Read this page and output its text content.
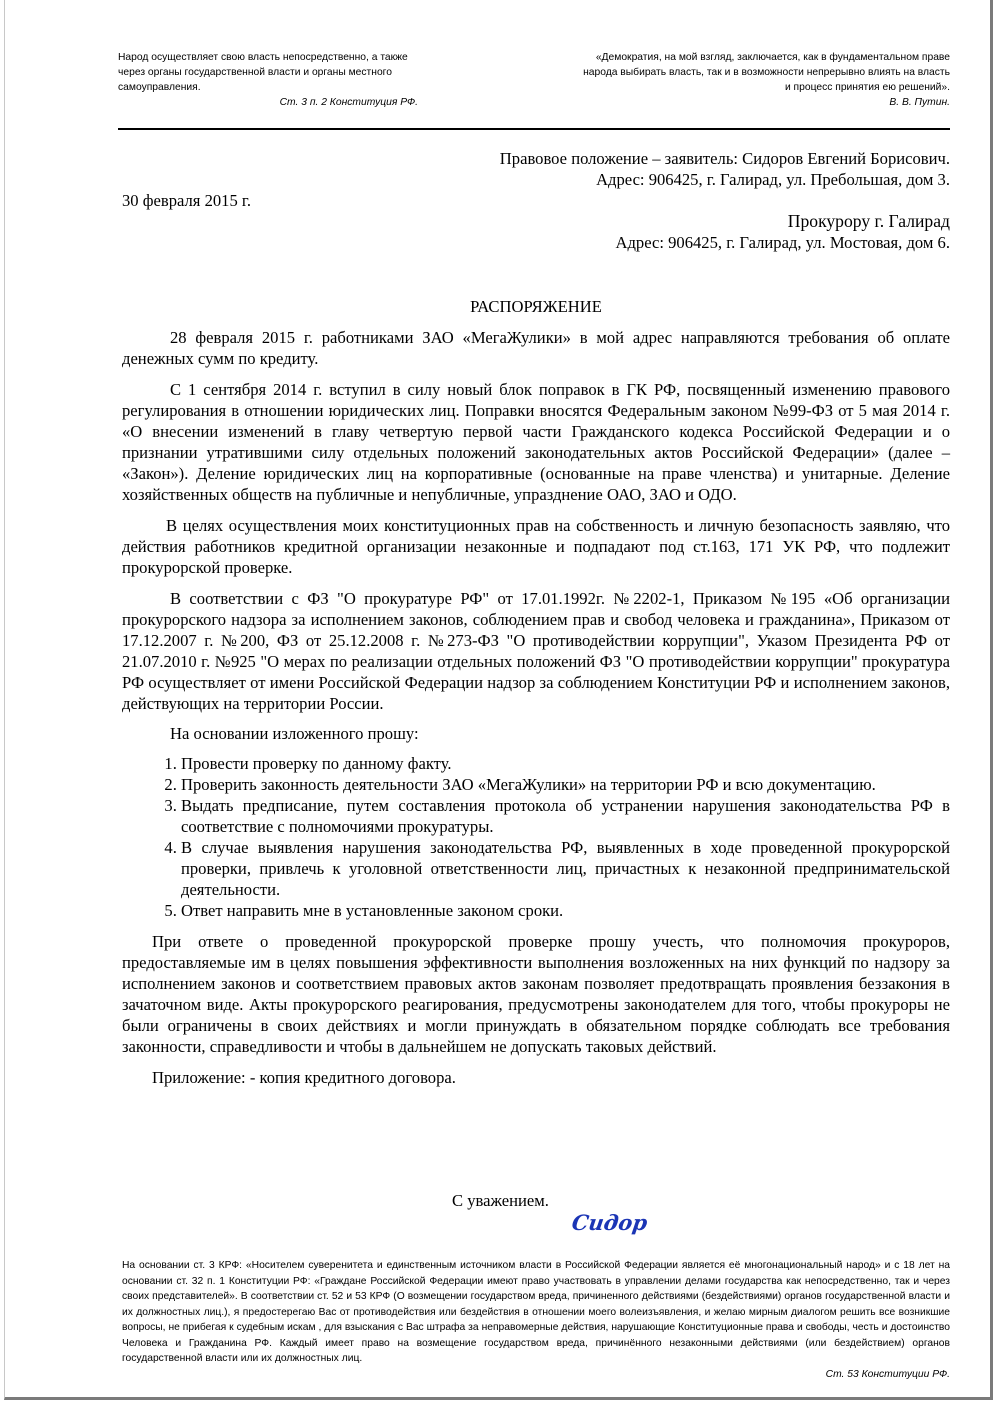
Народ осуществляет свою власть непосредственно, а также через органы государственной власти и органы местного самоуправления.
Ст. 3 п. 2 Конституция РФ.
«Демократия, на мой взгляд, заключается, как в фундаментальном праве народа выбирать власть, так и в возможности непрерывно влиять на власть и процесс принятия ею решений».
В. В. Путин.
Правовое положение – заявитель: Сидоров Евгений Борисович.
Адрес: 906425, г. Галирад, ул. Пребольшая, дом 3.
30 февраля 2015 г.
Прокурору г. Галирад
Адрес: 906425, г. Галирад, ул. Мостовая, дом 6.
РАСПОРЯЖЕНИЕ

28 февраля 2015 г. работниками ЗАО «МегаЖулики» в мой адрес направляются требования об оплате денежных сумм по кредиту.

С 1 сентября 2014 г. вступил в силу новый блок поправок в ГК РФ, посвященный изменению правового регулирования в отношении юридических лиц. Поправки вносятся Федеральным законом №99-ФЗ от 5 мая 2014 г. «О внесении изменений в главу четвертую первой части Гражданского кодекса Российской Федерации и о признании утратившими силу отдельных положений законодательных актов Российской Федерации» (далее – «Закон»). Деление юридических лиц на корпоративные (основанные на праве членства) и унитарные. Деление хозяйственных обществ на публичные и непубличные, упразднение ОАО, ЗАО и ОДО.

В целях осуществления моих конституционных прав на собственность и личную безопасность заявляю, что действия работников кредитной организации незаконные и подпадают под ст.163, 171 УК РФ, что подлежит прокурорской проверке.

В соответствии с ФЗ "О прокуратуре РФ" от 17.01.1992г. №2202-1, Приказом №195 «Об организации прокурорского надзора за исполнением законов, соблюдением прав и свобод человека и гражданина», Приказом от 17.12.2007 г. №200, ФЗ от 25.12.2008 г. №273-ФЗ "О противодействии коррупции", Указом Президента РФ от 21.07.2010 г. №925 "О мерах по реализации отдельных положений ФЗ "О противодействии коррупции" прокуратура РФ осуществляет от имени Российской Федерации надзор за соблюдением Конституции РФ и исполнением законов, действующих на территории России.

На основании изложенного прошу:

1. Провести проверку по данному факту.
2. Проверить законность деятельности ЗАО «МегаЖулики» на территории РФ и всю документацию.
3. Выдать предписание, путем составления протокола об устранении нарушения законодательства РФ в соответствие с полномочиями прокуратуры.
4. В случае выявления нарушения законодательства РФ, выявленных в ходе проведенной прокурорской проверки, привлечь к уголовной ответственности лиц, причастных к незаконной предпринимательской деятельности.
5. Ответ направить мне в установленные законом сроки.

При ответе о проведенной прокурорской проверке прошу учесть, что полномочия прокуроров, предоставляемые им в целях повышения эффективности выполнения возложенных на них функций по надзору за исполнением законов и соответствием правовых актов законам позволяет предотвращать проявления беззакония в зачаточном виде. Акты прокурорского реагирования, предусмотрены законодателем для того, чтобы прокуроры не были ограничены в своих действиях и могли принуждать в обязательном порядке соблюдать все требования законности, справедливости и чтобы в дальнейшем не допускать таковых действий.

Приложение: - копия кредитного договора.

С уважением.
Сидор
На основании ст. 3 КРФ: «Носителем суверенитета и единственным источником власти в Российской Федерации является её многонациональный народ» и с 18 лет на основании ст. 32 п. 1 Конституции РФ: «Граждане Российской Федерации имеют право участвовать в управлении делами государства как непосредственно, так и через своих представителей». В соответствии ст. 52 и 53 КРФ (О возмещении государством вреда, причиненного действиями (бездействиями) органов государственной власти и их должностных лиц.), я предостерегаю Вас от противодействия или бездействия в отношении моего волеизъявления, и желаю мирным диалогом решить все возникшие вопросы, не прибегая к судебным искам , для взыскания с Вас штрафа за неправомерные действия, нарушающие Конституционные права и свободы, честь и достоинство Человека и Гражданина РФ. Каждый имеет право на возмещение государством вреда, причинённого незаконными действиями (или бездействием) органов государственной власти или их должностных лиц.
Ст. 53 Конституции РФ.
